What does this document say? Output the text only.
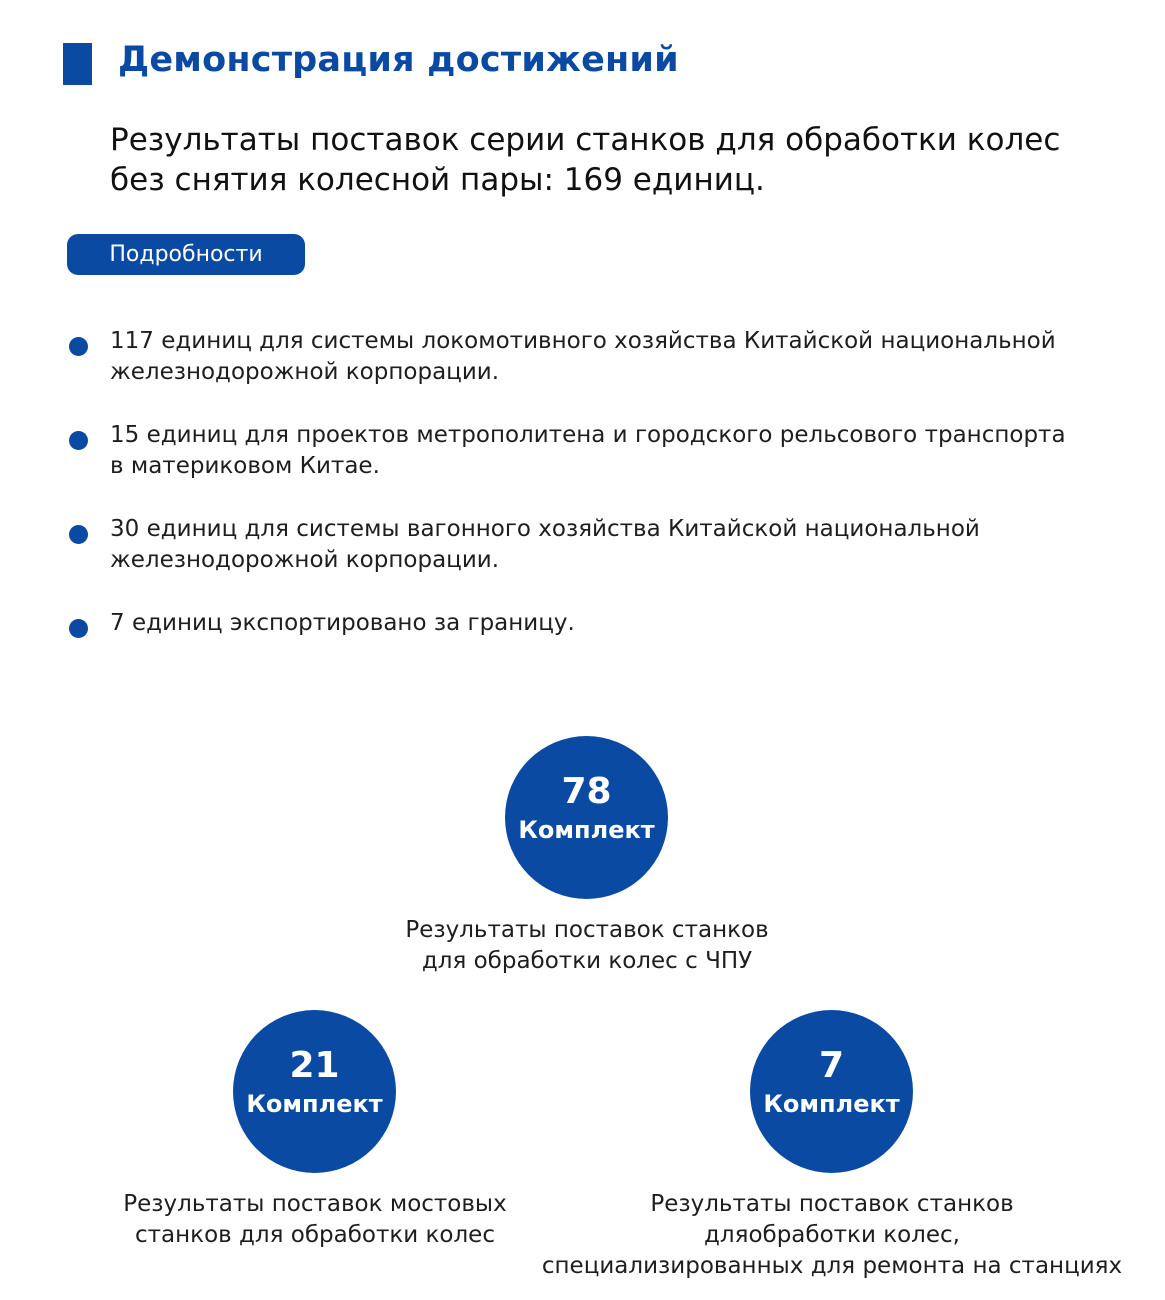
Демонстрация достижений
Результаты поставок серии станков для обработки колес
без снятия колесной пары: 169 единиц.
Подробности
117 единиц для системы локомотивного хозяйства Китайской национальной
железнодорожной корпорации.
15 единиц для проектов метрополитена и городского рельсового транспорта
в материковом Китае.
30 единиц для системы вагонного хозяйства Китайской национальной
железнодорожной корпорации.
7 единиц экспортировано за границу.
78
Комплект
Результаты поставок станков
для обработки колес с ЧПУ
21
Комплект
Результаты поставок мостовых
станков для обработки колес
7
Комплект
Результаты поставок станков
дляобработки колес,
специализированных для ремонта на станциях
